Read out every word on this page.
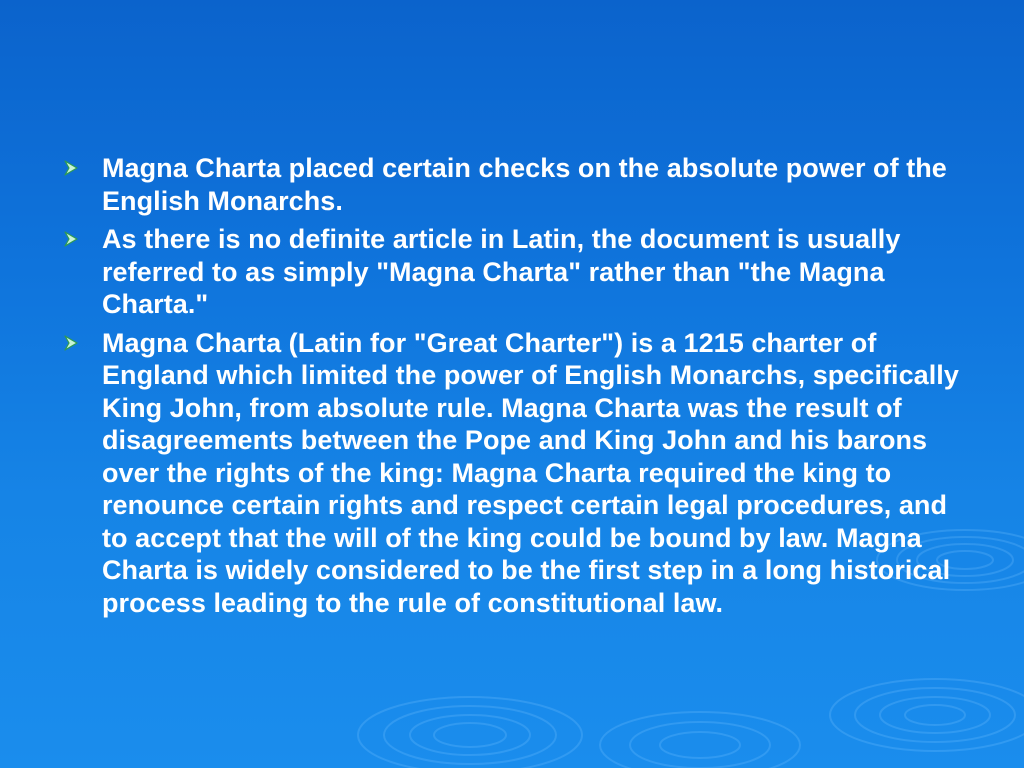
Magna Charta placed certain checks on the absolute power of the English Monarchs.
As there is no definite article in Latin, the document is usually referred to as simply "Magna Charta" rather than "the Magna Charta."
Magna Charta (Latin for "Great Charter") is a 1215 charter of England which limited the power of English Monarchs, specifically King John, from absolute rule. Magna Charta was the result of disagreements between the Pope and King John and his barons over the rights of the king: Magna Charta required the king to renounce certain rights and respect certain legal procedures, and to accept that the will of the king could be bound by law. Magna Charta is widely considered to be the first step in a long historical process leading to the rule of constitutional law.
